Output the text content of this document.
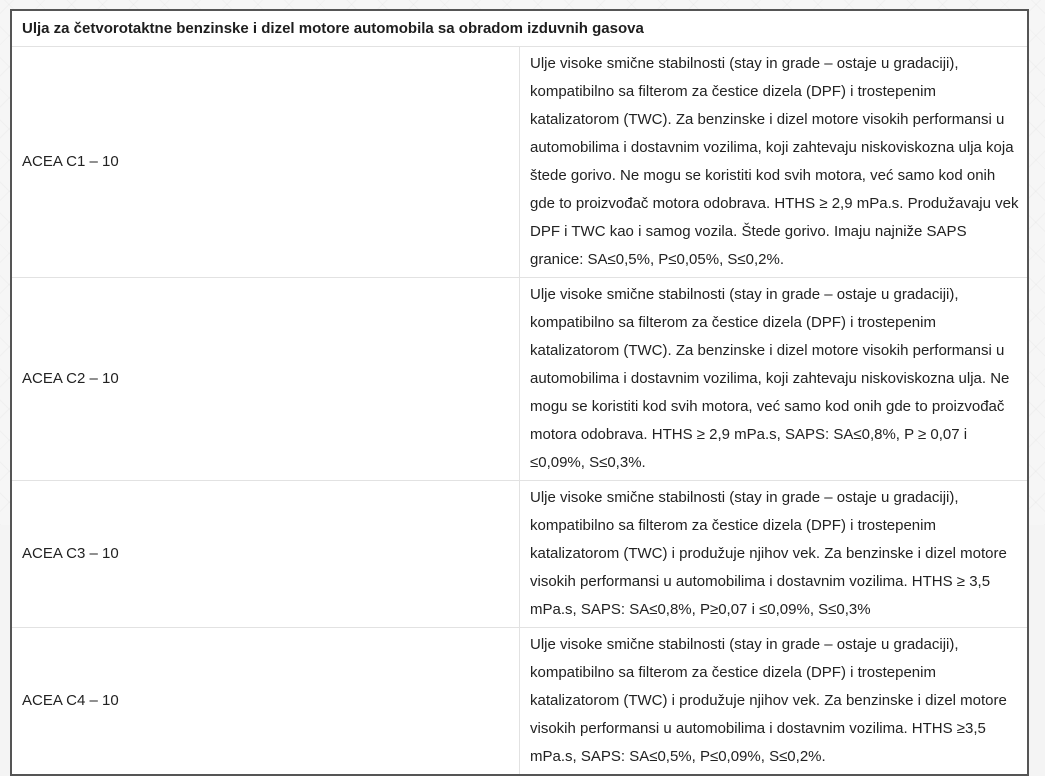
Ulja za četvorotaktne benzinske i dizel motore automobila sa obradom izduvnih gasova	
ACEA C1 – 10	Ulje visoke smične stabilnosti (stay in grade – ostaje u gradaciji), kompatibilno sa filterom za čestice dizela (DPF) i trostepenim katalizatorom (TWC). Za benzinske i dizel motore visokih performansi u automobilima i dostavnim vozilima, koji zahtevaju niskoviskozna ulja koja štede gorivo. Ne mogu se koristiti kod svih motora, već samo kod onih gde to proizvođač motora odobrava. HTHS ≥ 2,9 mPa.s. Produžavaju vek DPF i TWC kao i samog vozila. Štede gorivo. Imaju najniže SAPS granice: SA≤0,5%, P≤0,05%, S≤0,2%.
ACEA C2 – 10	Ulje visoke smične stabilnosti (stay in grade – ostaje u gradaciji), kompatibilno sa filterom za čestice dizela (DPF) i trostepenim katalizatorom (TWC). Za benzinske i dizel motore visokih performansi u automobilima i dostavnim vozilima, koji zahtevaju niskoviskozna ulja. Ne mogu se koristiti kod svih motora, već samo kod onih gde to proizvođač motora odobrava. HTHS ≥ 2,9 mPa.s, SAPS: SA≤0,8%, P ≥ 0,07 i ≤0,09%, S≤0,3%.
ACEA C3 – 10	Ulje visoke smične stabilnosti (stay in grade – ostaje u gradaciji), kompatibilno sa filterom za čestice dizela (DPF) i trostepenim katalizatorom (TWC) i produžuje njihov vek. Za benzinske i dizel motore visokih performansi u automobilima i dostavnim vozilima. HTHS ≥ 3,5 mPa.s, SAPS: SA≤0,8%, P≥0,07 i ≤0,09%, S≤0,3%
ACEA C4 – 10	Ulje visoke smične stabilnosti (stay in grade – ostaje u gradaciji), kompatibilno sa filterom za čestice dizela (DPF) i trostepenim katalizatorom (TWC) i produžuje njihov vek. Za benzinske i dizel motore visokih performansi u automobilima i dostavnim vozilima. HTHS ≥3,5 mPa.s, SAPS: SA≤0,5%, P≤0,09%, S≤0,2%.
